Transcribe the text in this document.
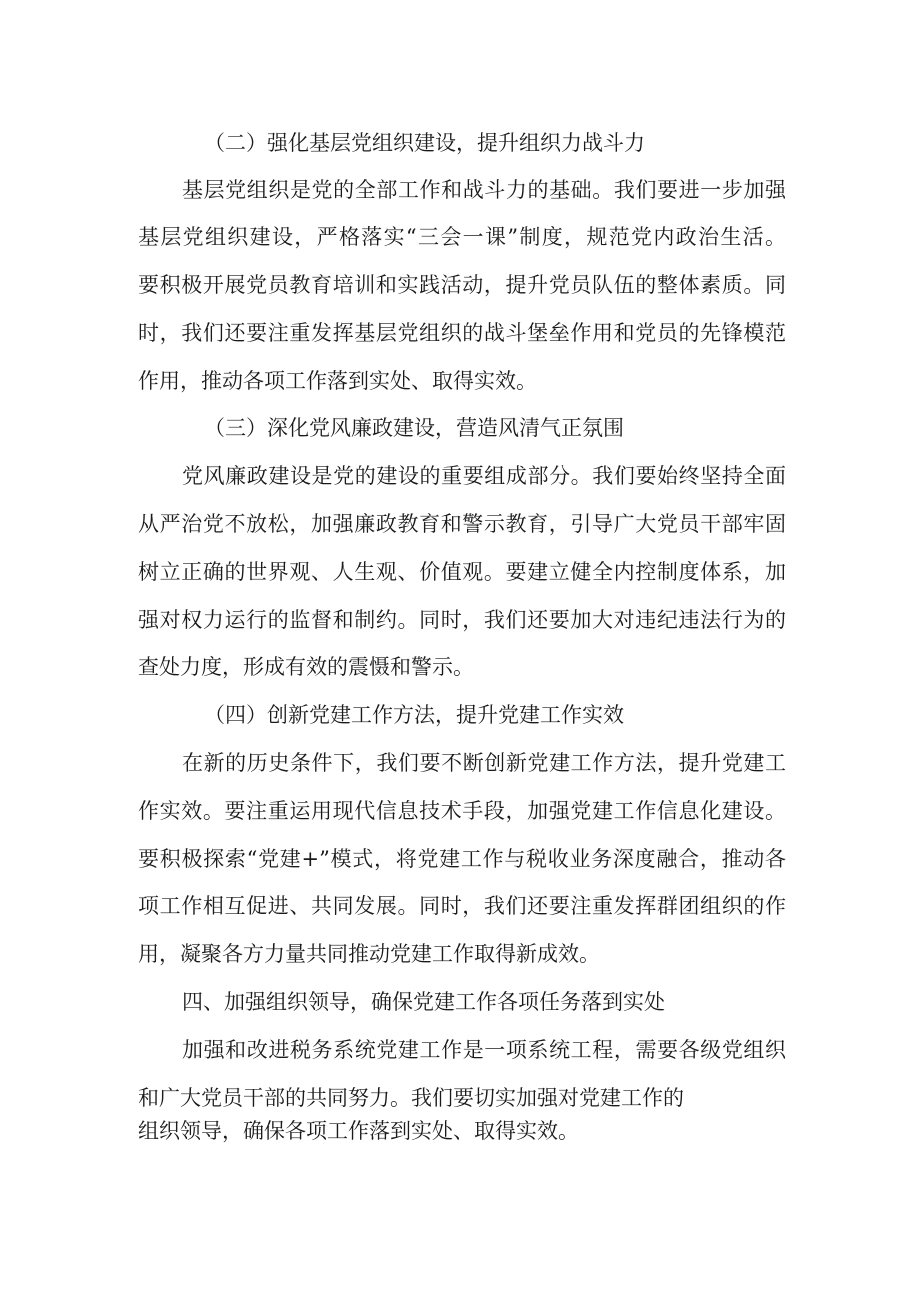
（二）强化基层党组织建设，提升组织力战斗力
基层党组织是党的全部工作和战斗力的基础。我们要进一步加强
基层党组织建设，严格落实“三会一课”制度，规范党内政治生活。
要积极开展党员教育培训和实践活动，提升党员队伍的整体素质。同
时，我们还要注重发挥基层党组织的战斗堡垒作用和党员的先锋模范
作用，推动各项工作落到实处、取得实效。
（三）深化党风廉政建设，营造风清气正氛围
党风廉政建设是党的建设的重要组成部分。我们要始终坚持全面
从严治党不放松，加强廉政教育和警示教育，引导广大党员干部牢固
树立正确的世界观、人生观、价值观。要建立健全内控制度体系，加
强对权力运行的监督和制约。同时，我们还要加大对违纪违法行为的
查处力度，形成有效的震慑和警示。
（四）创新党建工作方法，提升党建工作实效
在新的历史条件下，我们要不断创新党建工作方法，提升党建工
作实效。要注重运用现代信息技术手段，加强党建工作信息化建设。
要积极探索“党建+”模式，将党建工作与税收业务深度融合，推动各
项工作相互促进、共同发展。同时，我们还要注重发挥群团组织的作
用，凝聚各方力量共同推动党建工作取得新成效。
四、加强组织领导，确保党建工作各项任务落到实处
加强和改进税务系统党建工作是一项系统工程，需要各级党组织
和广大党员干部的共同努力。我们要切实加强对党建工作的
组织领导，确保各项工作落到实处、取得实效。
